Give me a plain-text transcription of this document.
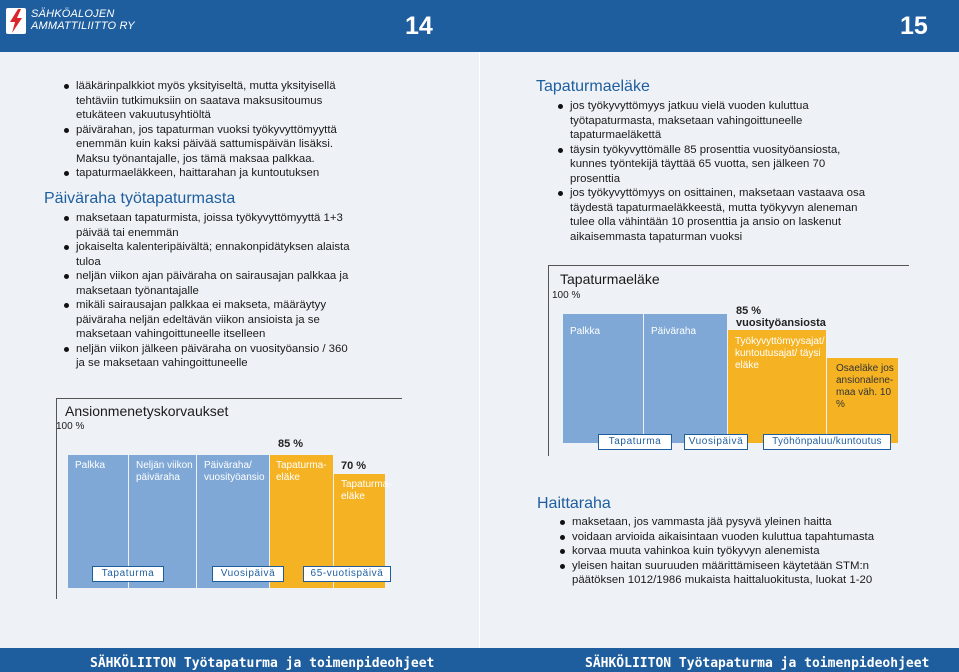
SÄHKÖALOJEN
AMMATTILIITTO RY	14	15
lääkärinpalkkiot myös yksityiseltä, mutta yksityisellä tehtäviin tutkimuksiin on saatava maksusitoumus etukäteen vakuutusyhtiöltä
päivärahan, jos tapaturman vuoksi työkyvyttömyyttä enemmän kuin kaksi päivää sattumispäivän lisäksi. Maksu työnantajalle, jos tämä maksaa palkkaa.
tapaturmaeläkkeen, haittarahan ja kuntoutuksen
Päiväraha työtapaturmasta
maksetaan tapaturmista, joissa työkyvyttömyyttä 1+3 päivää tai enemmän
jokaiselta kalenteripäivältä; ennakonpidätyksen alaista tuloa
neljän viikon ajan päiväraha on sairausajan palkkaa ja maksetaan työnantajalle
mikäli sairausajan palkkaa ei makseta, määräytyy päiväraha neljän edeltävän viikon ansioista ja se maksetaan vahingoittuneelle itselleen
neljän viikon jälkeen päiväraha on vuosityöansio / 360 ja se maksetaan vahingoittuneelle
Ansionmenetyskorvaukset
100 %
Palkka	Neljän viikon päiväraha
Päiväraha/ vuosityöansio
Tapaturma- eläke
Tapaturma- eläke
85 %
70 %
Tapaturma	Vuosipäivä	65-vuotispäivä
Tapaturmaeläke
jos työkyvyttömyys jatkuu vielä vuoden kuluttua työtapaturmasta, maksetaan vahingoittuneelle tapaturmaeläkettä
täysin työkyvyttömälle 85 prosenttia vuosityöansiosta, kunnes työntekijä täyttää 65 vuotta, sen jälkeen 70 prosenttia
jos työkyvyttömyys on osittainen, maksetaan vastaava osa täydestä tapaturmaeläkkeestä, mutta työkyvyn aleneman tulee olla vähintään 10 prosenttia ja ansio on laskenut aikaisemmasta tapaturman vuoksi
Tapaturmaeläke
100 %
Palkka	Päiväraha
85 %
vuosityöansiosta
Työkyvyttömyysajat/ kuntoutusajat/ täysi eläke	Osaeläke jos ansionalene- maa väh. 10 %
Tapaturma	Vuosipäivä	Työhönpaluu/kuntoutus
Haittaraha
maksetaan, jos vammasta jää pysyvä yleinen haitta
voidaan arvioida aikaisintaan vuoden kuluttua tapahtumasta
korvaa muuta vahinkoa kuin työkyvyn alenemista
yleisen haitan suuruuden määrittämiseen käytetään STM:n päätöksen 1012/1986 mukaista haittaluokitusta, luokat 1-20
SÄHKÖLIITON Työtapaturma ja toimenpideohjeet	SÄHKÖLIITON Työtapaturma ja toimenpideohjeet
